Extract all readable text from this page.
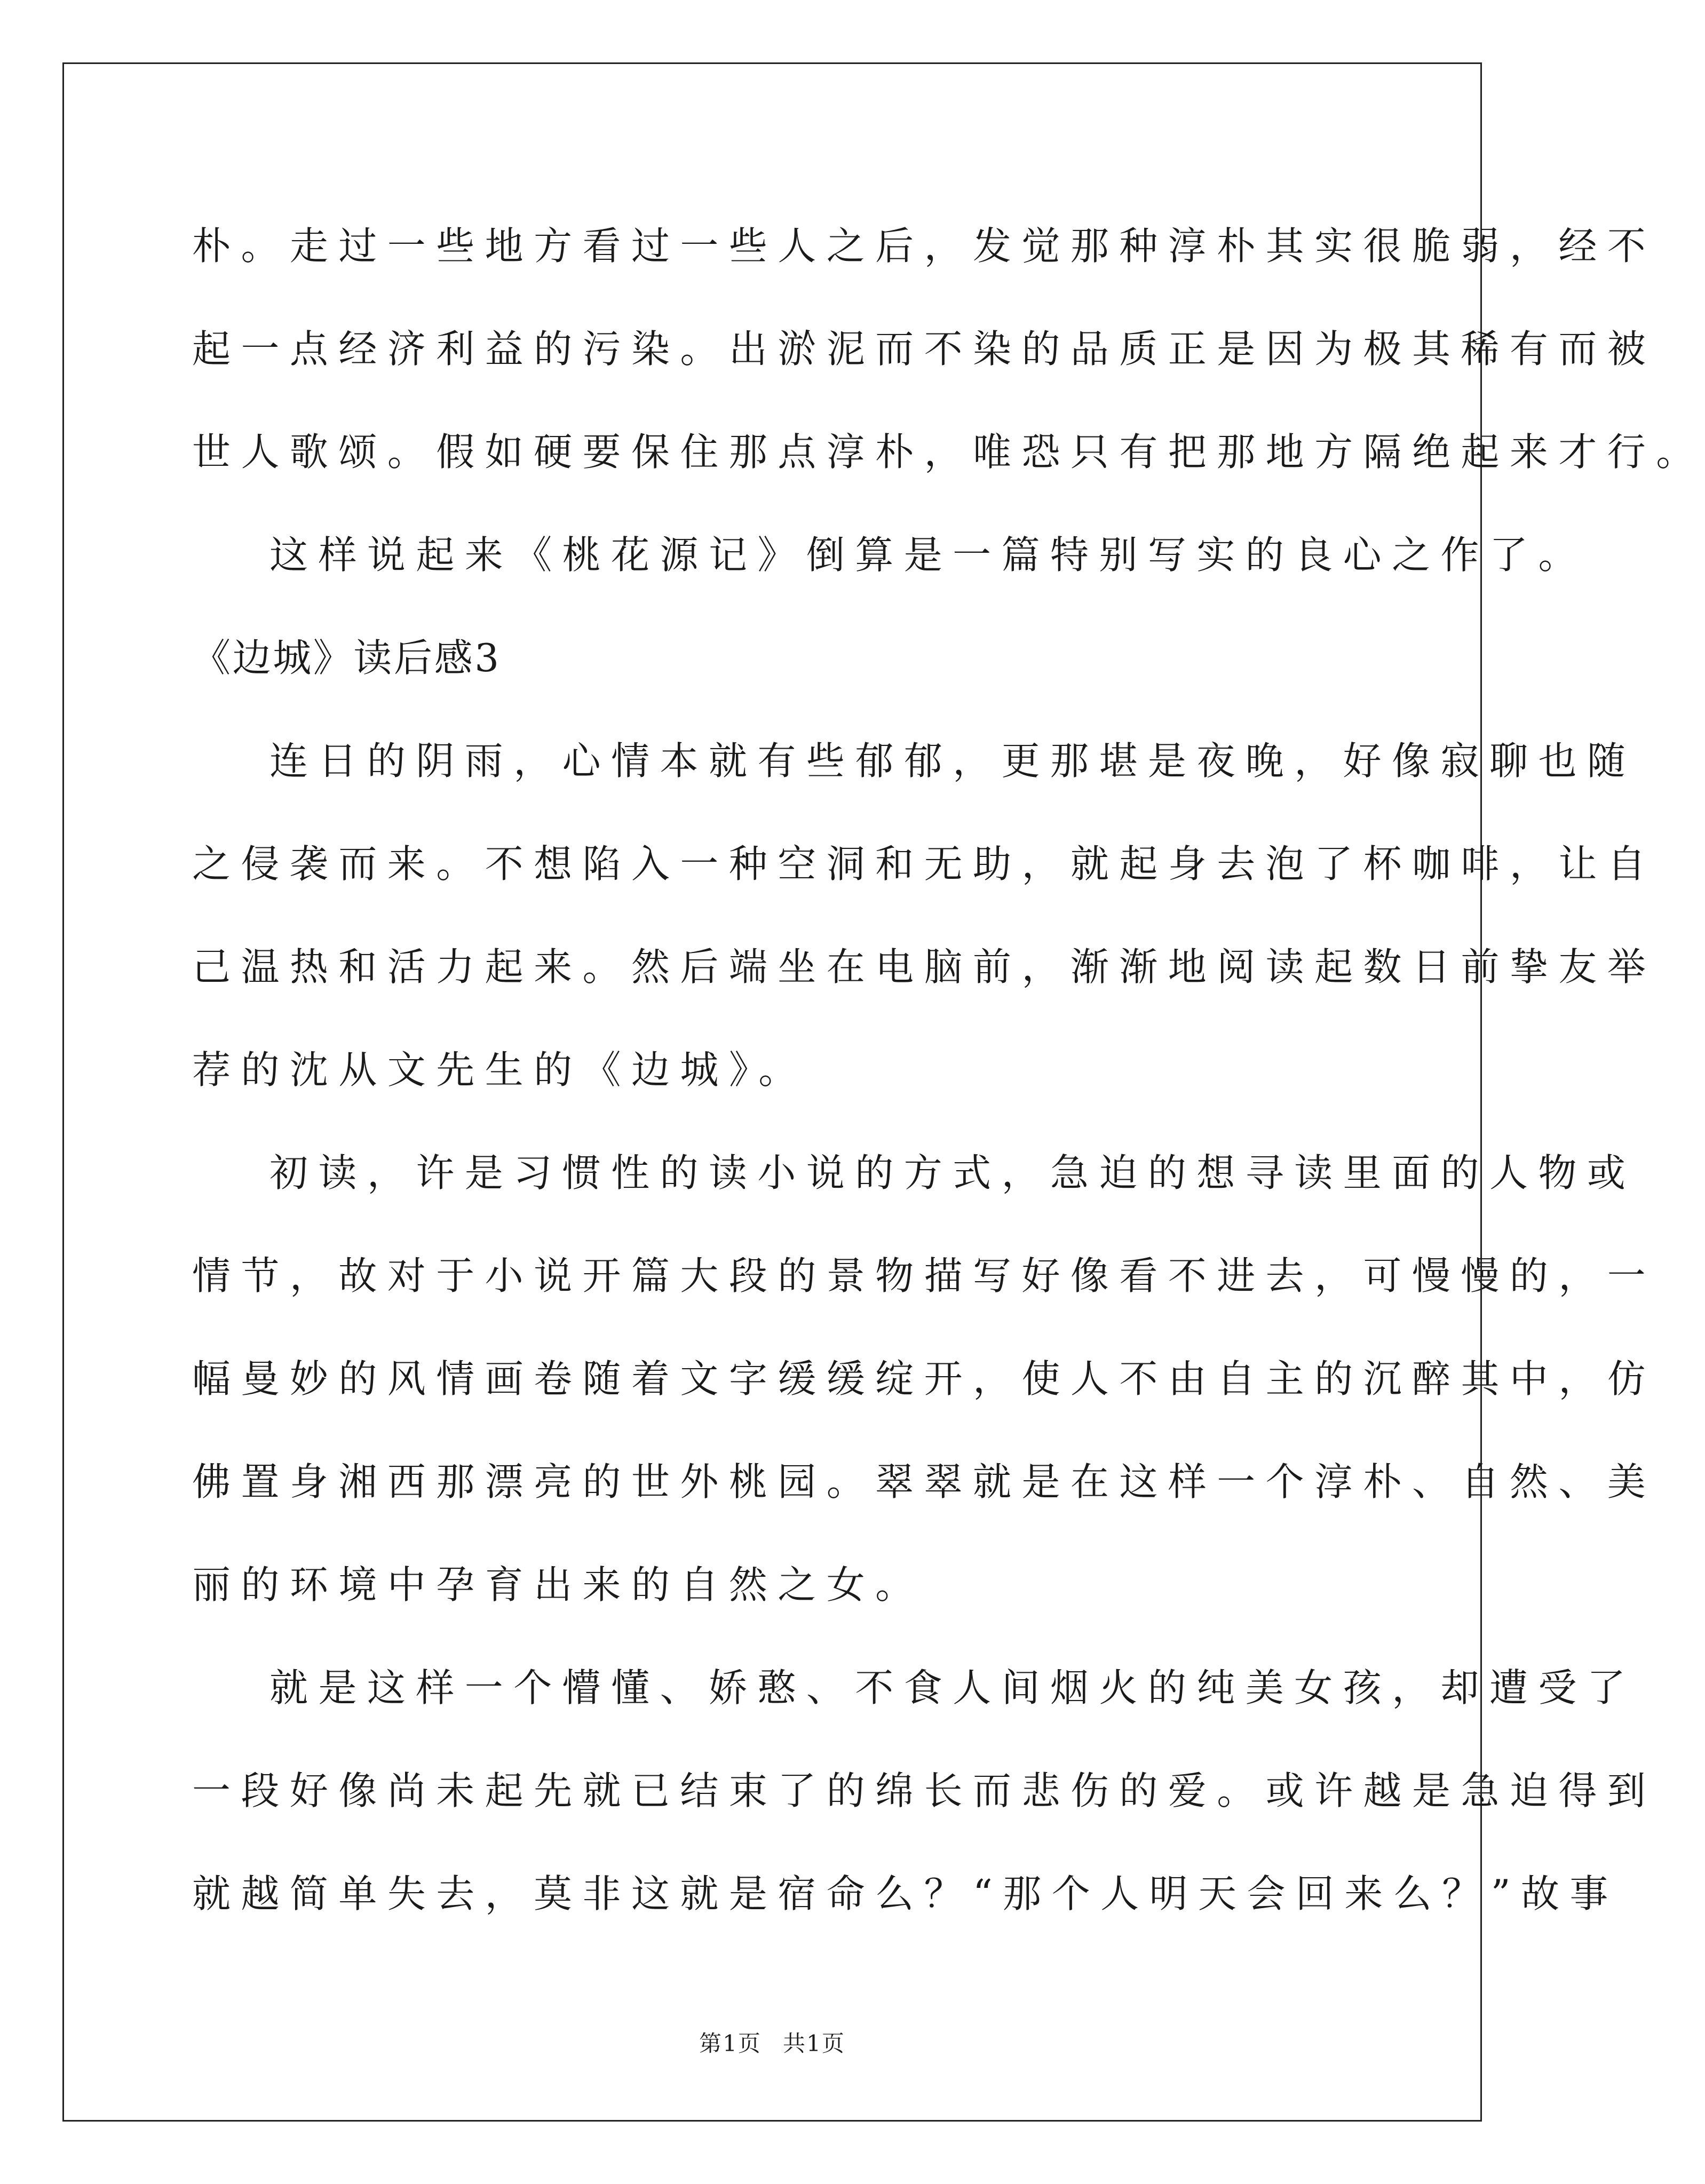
朴。走过一些地方看过一些人之后，发觉那种淳朴其实很脆弱，经不
起一点经济利益的污染。出淤泥而不染的品质正是因为极其稀有而被
世人歌颂。假如硬要保住那点淳朴，唯恐只有把那地方隔绝起来才行。
这样说起来《桃花源记》倒算是一篇特别写实的良心之作了。
《边城》读后感3
连日的阴雨，心情本就有些郁郁，更那堪是夜晚，好像寂聊也随
之侵袭而来。不想陷入一种空洞和无助，就起身去泡了杯咖啡，让自
己温热和活力起来。然后端坐在电脑前，渐渐地阅读起数日前挚友举
荐的沈从文先生的《边城》。
初读，许是习惯性的读小说的方式，急迫的想寻读里面的人物或
情节，故对于小说开篇大段的景物描写好像看不进去，可慢慢的，一
幅曼妙的风情画卷随着文字缓缓绽开，使人不由自主的沉醉其中，仿
佛置身湘西那漂亮的世外桃园。翠翠就是在这样一个淳朴、自然、美
丽的环境中孕育出来的自然之女。
就是这样一个懵懂、娇憨、不食人间烟火的纯美女孩，却遭受了
一段好像尚未起先就已结束了的绵长而悲伤的爱。或许越是急迫得到
就越简单失去，莫非这就是宿命么？“那个人明天会回来么？”故事
第1页 共1页
